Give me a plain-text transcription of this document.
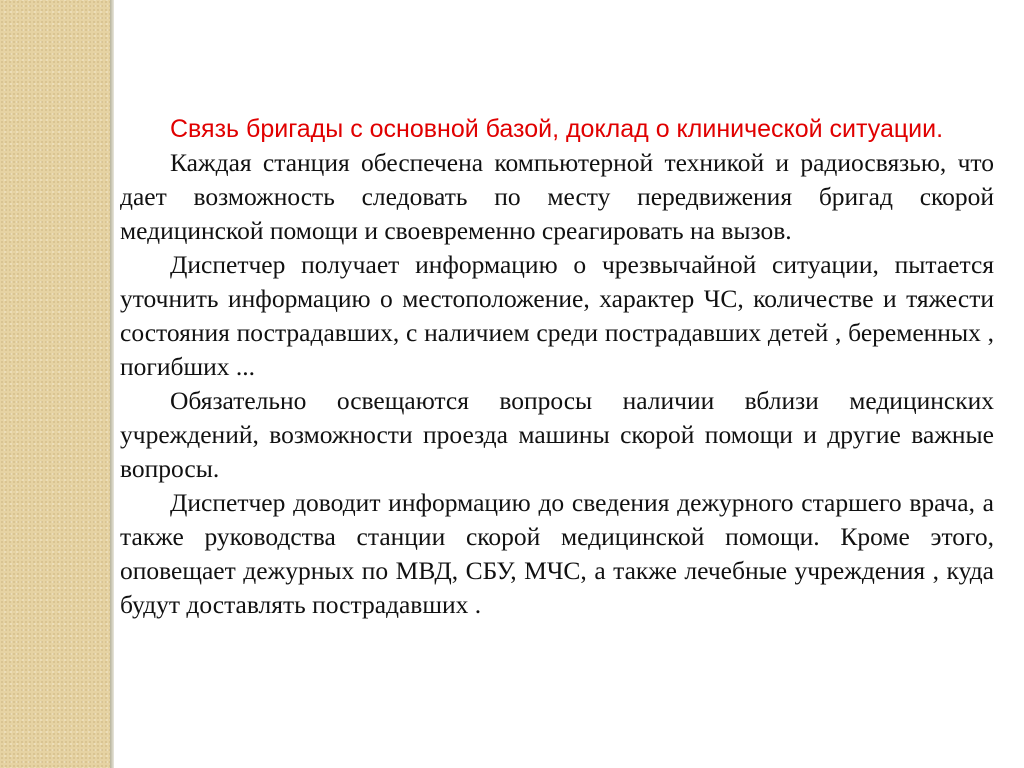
Связь бригады с основной базой, доклад о клинической ситуации.

Каждая станция обеспечена компьютерной техникой и радиосвязью, что дает возможность следовать по месту передвижения бригад скорой медицинской помощи и своевременно среагировать на вызов.

Диспетчер получает информацию о чрезвычайной ситуации, пытается уточнить информацию о местоположение, характер ЧС, количестве и тяжести состояния пострадавших, с наличием среди пострадавших детей , беременных , погибших ...

Обязательно освещаются вопросы наличии вблизи медицинских учреждений, возможности проезда машины скорой помощи и другие важные вопросы.

Диспетчер доводит информацию до сведения дежурного старшего врача, а также руководства станции скорой медицинской помощи. Кроме этого, оповещает дежурных по МВД, СБУ, МЧС, а также лечебные учреждения , куда будут доставлять пострадавших .
